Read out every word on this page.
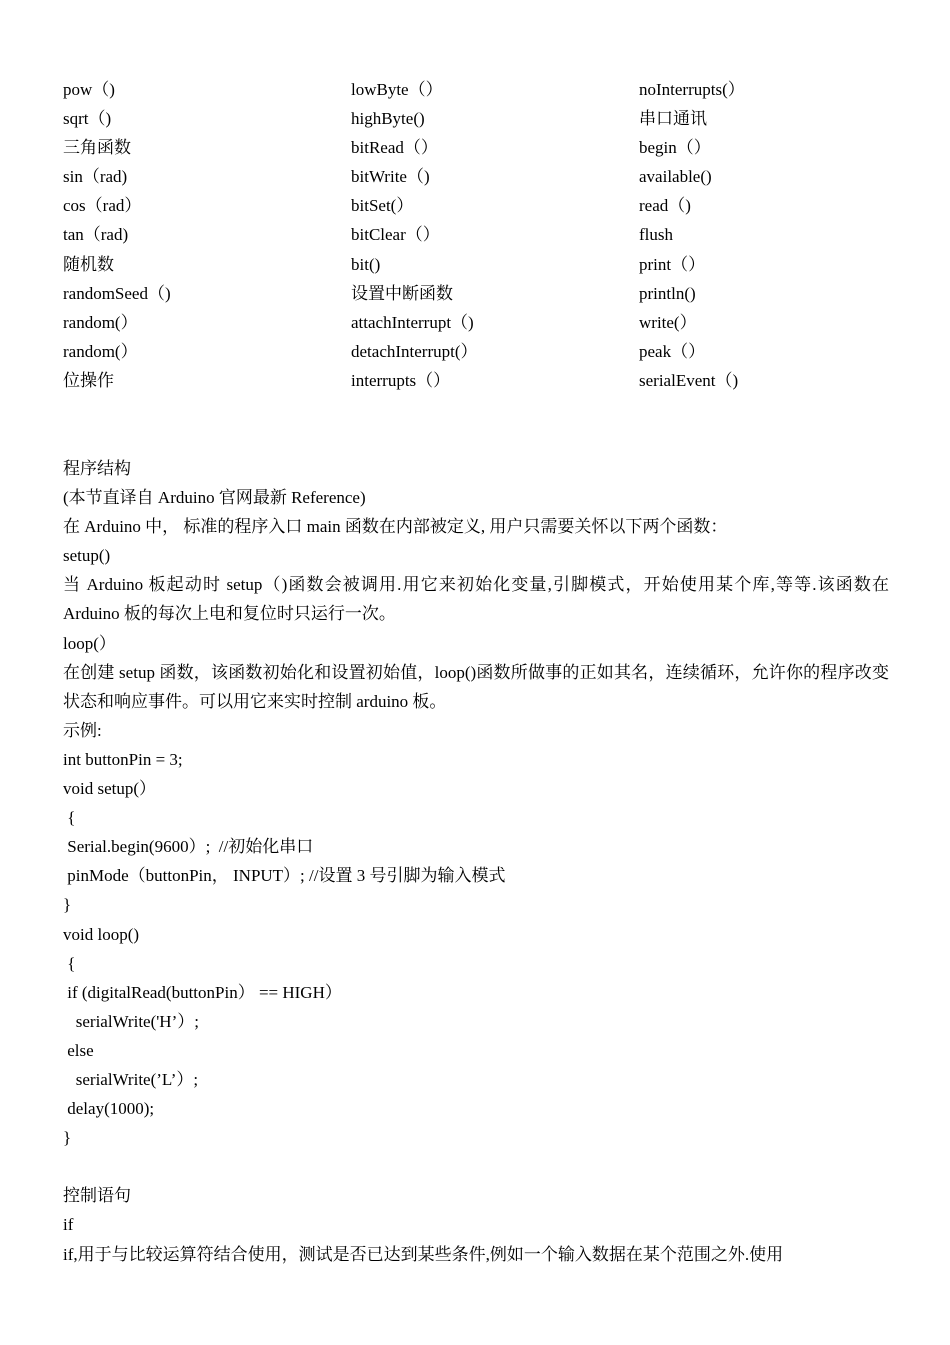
pow（)
sqrt（)
三角函数
sin（rad)
cos（rad）
tan（rad)
随机数
randomSeed（)
random(）
random(）
位操作
lowByte（）
highByte()
bitRead（）
bitWrite（)
bitSet(）
bitClear（）
bit()
设置中断函数
attachInterrupt（)
detachInterrupt(）
interrupts（）
noInterrupts(）
串口通讯
begin（）
available()
read（)
flush
print（）
println()
write(）
peak（）
serialEvent（)
程序结构
(本节直译自 Arduino 官网最新 Reference)
在 Arduino 中， 标准的程序入口 main 函数在内部被定义, 用户只需要关怀以下两个函数：
setup()
当 Arduino 板起动时 setup（)函数会被调用.用它来初始化变量,引脚模式，开始使用某个库,等等.该函数在 Arduino 板的每次上电和复位时只运行一次。
loop(）
在创建 setup 函数，该函数初始化和设置初始值，loop()函数所做事的正如其名，连续循环，允许你的程序改变状态和响应事件。可以用它来实时控制 arduino 板。
示例:
int buttonPin = 3;
void setup(）
{
Serial.begin(9600）;  //初始化串口
pinMode（buttonPin， INPUT）; //设置 3 号引脚为输入模式
}
void loop()
{
if (digitalRead(buttonPin） == HIGH）
serialWrite('H’）;
else
serialWrite(’L’）;
delay(1000);
}
控制语句
if
if,用于与比较运算符结合使用，测试是否已达到某些条件,例如一个输入数据在某个范围之外.使用
